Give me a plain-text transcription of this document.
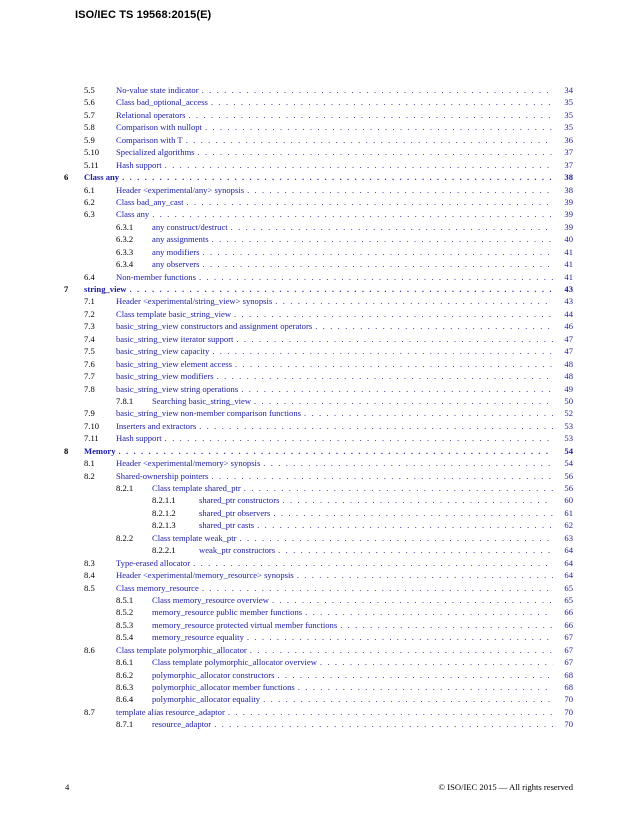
ISO/IEC TS 19568:2015(E)
5.5 No-value state indicator . . .	34
5.6 Class bad_optional_access . . .	35
5.7 Relational operators . . .	35
5.8 Comparison with nullopt . . .	35
5.9 Comparison with T . . .	36
5.10 Specialized algorithms . . .	37
5.11 Hash support . . .	37
6 Class any . . .	38
6.1 Header <experimental/any> synopsis . . .	38
6.2 Class bad_any_cast . . .	39
6.3 Class any . . .	39
6.3.1 any construct/destruct . . .	39
6.3.2 any assignments . . .	40
6.3.3 any modifiers . . .	41
6.3.4 any observers . . .	41
6.4 Non-member functions . . .	41
7 string_view . . .	43
7.1 Header <experimental/string_view> synopsis . . .	43
7.2 Class template basic_string_view . . .	44
7.3 basic_string_view constructors and assignment operators . . .	46
7.4 basic_string_view iterator support . . .	47
7.5 basic_string_view capacity . . .	47
7.6 basic_string_view element access . . .	48
7.7 basic_string_view modifiers . . .	48
7.8 basic_string_view string operations . . .	49
7.8.1 Searching basic_string_view . . .	50
7.9 basic_string_view non-member comparison functions . . .	52
7.10 Inserters and extractors . . .	53
7.11 Hash support . . .	53
8 Memory . . .	54
8.1 Header <experimental/memory> synopsis . . .	54
8.2 Shared-ownership pointers . . .	56
8.2.1 Class template shared_ptr . . .	56
8.2.1.1	shared_ptr constructors . . .	60
8.2.1.2	shared_ptr observers . . .	61
8.2.1.3	shared_ptr casts . . .	62
8.2.2 Class template weak_ptr . . .	63
8.2.2.1	weak_ptr constructors . . .	64
8.3 Type-erased allocator . . .	64
8.4 Header <experimental/memory_resource> synopsis . . .	64
8.5 Class memory_resource . . .	65
8.5.1 Class memory_resource overview . . .	65
8.5.2 memory_resource public member functions . . .	66
8.5.3 memory_resource protected virtual member functions . . .	66
8.5.4 memory_resource equality . . .	67
8.6 Class template polymorphic_allocator . . .	67
8.6.1 Class template polymorphic_allocator overview . . .	67
8.6.2 polymorphic_allocator constructors . . .	68
8.6.3 polymorphic_allocator member functions . . .	68
8.6.4 polymorphic_allocator equality . . .	70
8.7 template alias resource_adaptor . . .	70
8.7.1 resource_adaptor . . .	70
4	© ISO/IEC 2015 — All rights reserved
